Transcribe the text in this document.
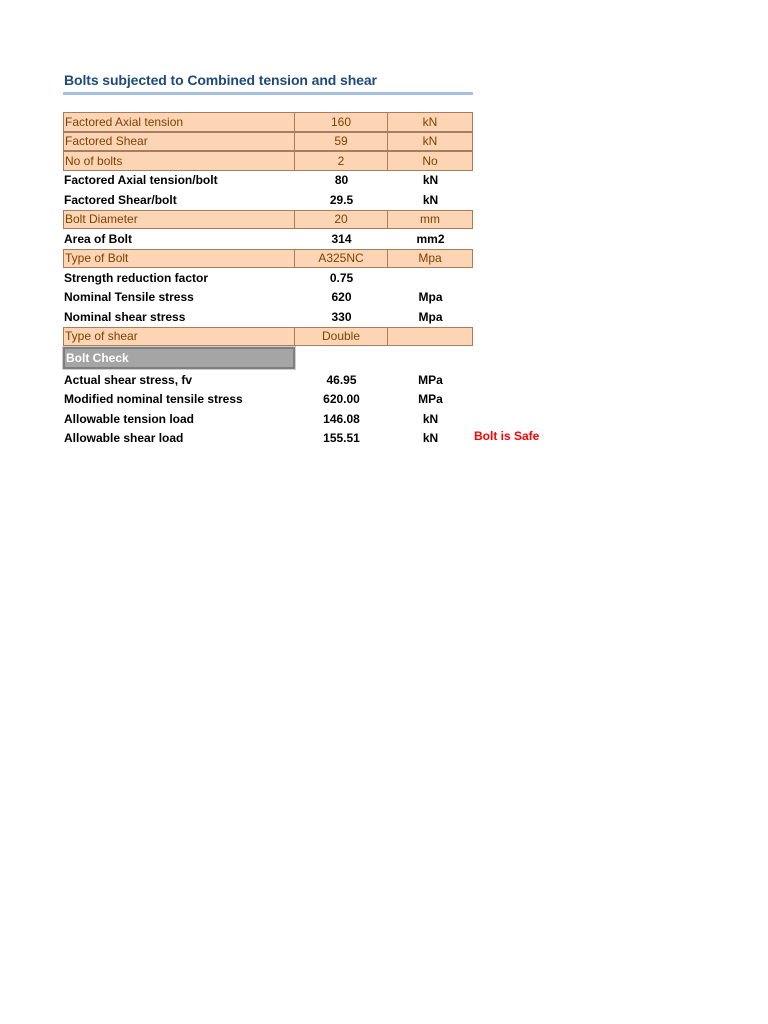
Bolts subjected to Combined tension and shear
Factored Axial tension	160	kN
Factored Shear	59	kN
No of bolts	2	No
Factored Axial tension/bolt	80	kN
Factored Shear/bolt	29.5	kN
Bolt Diameter	20	mm
Area of Bolt	314	mm2
Type of Bolt	A325NC	Mpa
Strength reduction factor	0.75
Nominal Tensile stress	620	Mpa
Nominal shear stress	330	Mpa
Type of shear	Double
Bolt Check
Actual shear stress, fv	46.95	MPa
Modified nominal tensile stress	620.00	MPa
Allowable tension load	146.08	kN
Allowable shear load	155.51	kN	Bolt is Safe
